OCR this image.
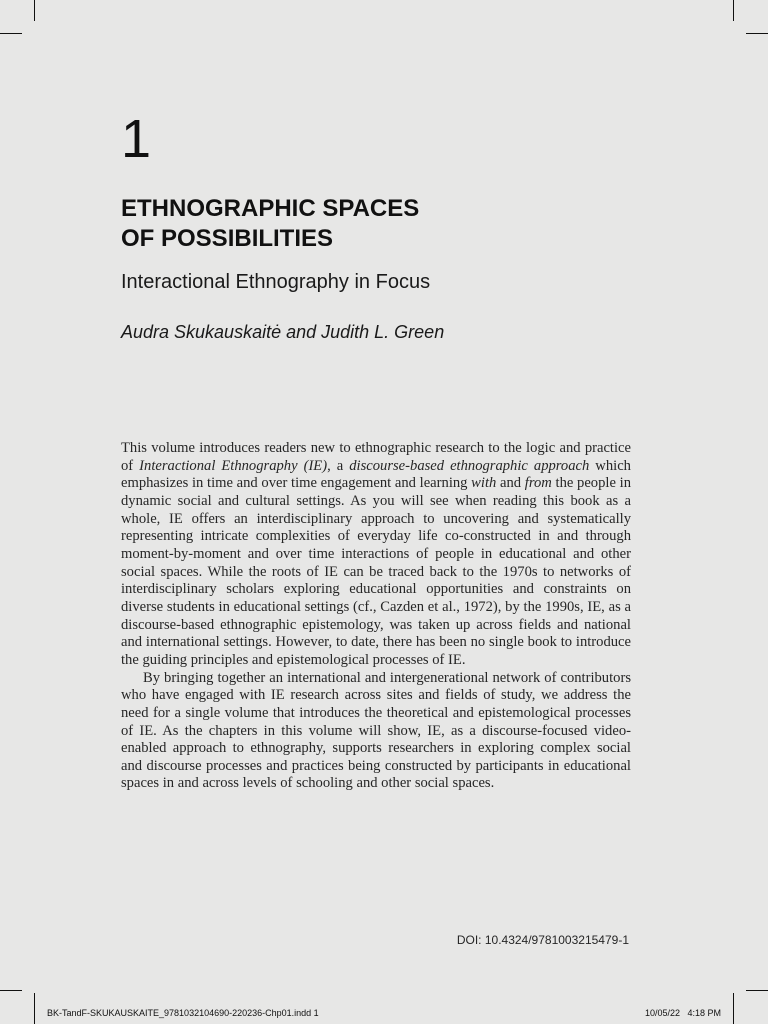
1
ETHNOGRAPHIC SPACES
OF POSSIBILITIES
Interactional Ethnography in Focus
Audra Skukauskaitė and Judith L. Green

This volume introduces readers new to ethnographic research to the logic and practice of Interactional Ethnography (IE), a discourse-based ethnographic approach which emphasizes in time and over time engagement and learning with and from the people in dynamic social and cultural settings. As you will see when reading this book as a whole, IE offers an interdisciplinary approach to uncovering and systematically representing intricate complexities of everyday life co-constructed in and through moment-by-moment and over time interactions of people in educational and other social spaces. While the roots of IE can be traced back to the 1970s to networks of interdisciplinary scholars exploring educational opportunities and constraints on diverse students in educational settings (cf., Cazden et al., 1972), by the 1990s, IE, as a discourse-based ethnographic epistemology, was taken up across fields and national and international settings. However, to date, there has been no single book to introduce the guiding principles and epistemological processes of IE.

By bringing together an international and intergenerational network of contributors who have engaged with IE research across sites and fields of study, we address the need for a single volume that introduces the theoretical and epistemological processes of IE. As the chapters in this volume will show, IE, as a discourse-focused video-enabled approach to ethnography, supports researchers in exploring complex social and discourse processes and practices being constructed by participants in educational spaces in and across levels of schooling and other social spaces.

DOI: 10.4324/9781003215479-1
BK-TandF-SKUKAUSKAITE_9781032104690-220236-Chp01.indd 1	10/05/22   4:18 PM
